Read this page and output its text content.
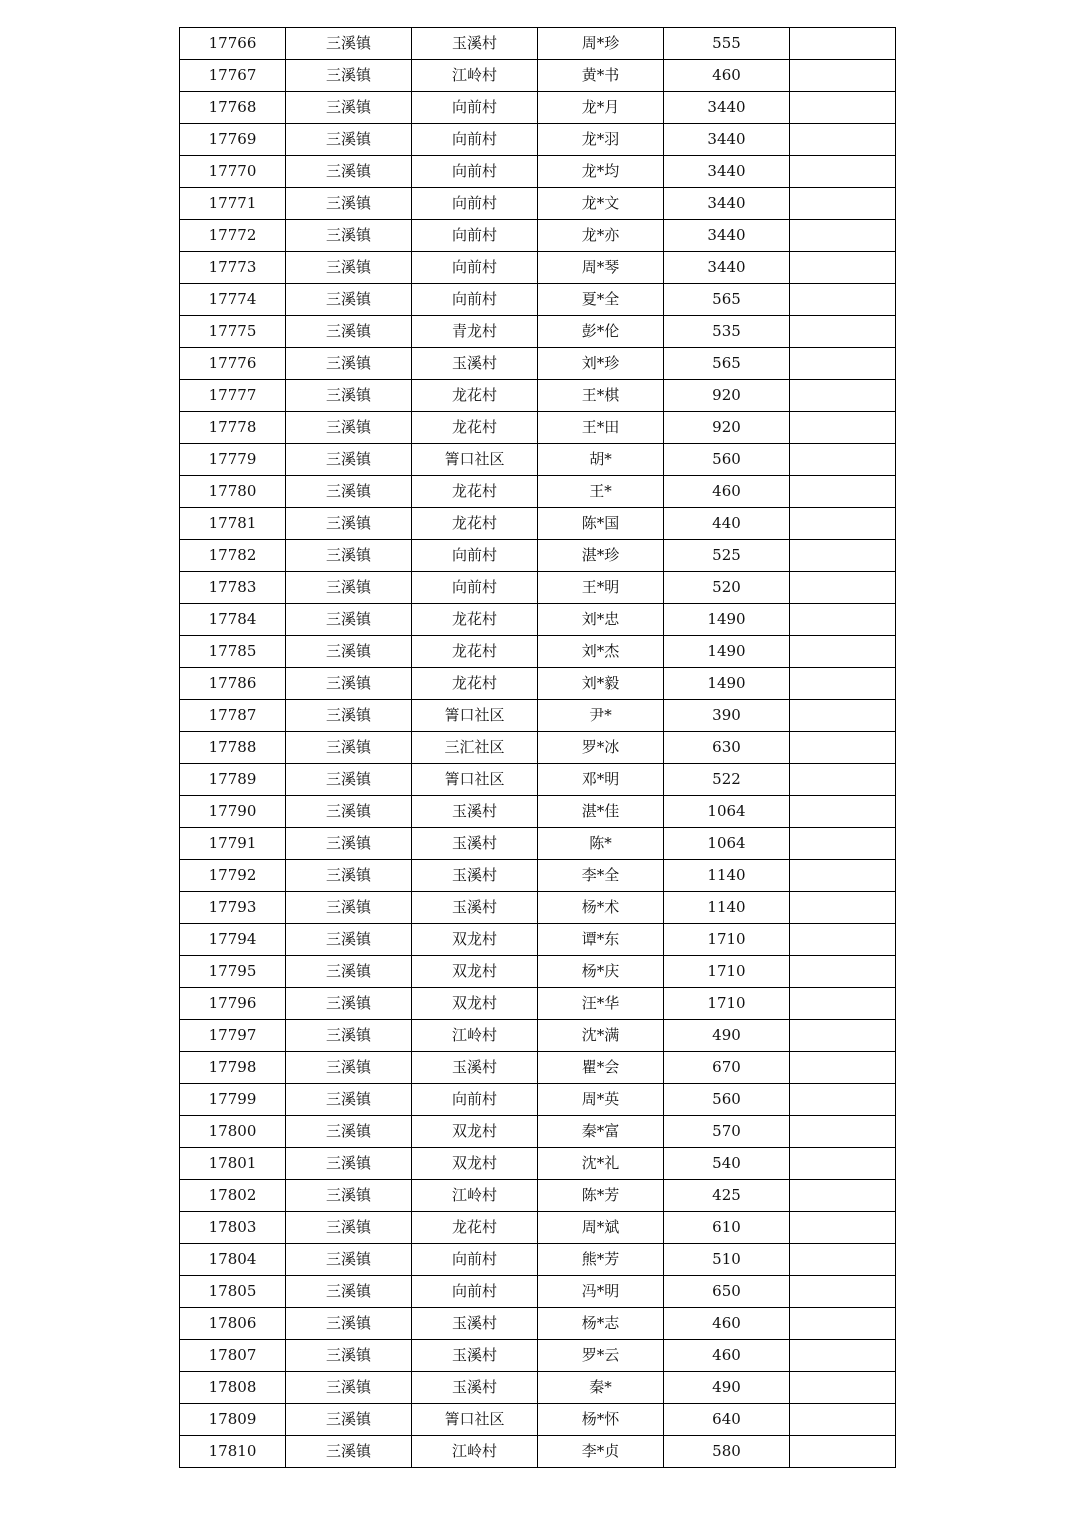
17766	三溪镇	玉溪村	周*珍	555	
17767	三溪镇	江岭村	黄*书	460	
17768	三溪镇	向前村	龙*月	3440	
17769	三溪镇	向前村	龙*羽	3440	
17770	三溪镇	向前村	龙*均	3440	
17771	三溪镇	向前村	龙*文	3440	
17772	三溪镇	向前村	龙*亦	3440	
17773	三溪镇	向前村	周*琴	3440	
17774	三溪镇	向前村	夏*全	565	
17775	三溪镇	青龙村	彭*伦	535	
17776	三溪镇	玉溪村	刘*珍	565	
17777	三溪镇	龙花村	王*棋	920	
17778	三溪镇	龙花村	王*田	920	
17779	三溪镇	箐口社区	胡*	560	
17780	三溪镇	龙花村	王*	460	
17781	三溪镇	龙花村	陈*国	440	
17782	三溪镇	向前村	湛*珍	525	
17783	三溪镇	向前村	王*明	520	
17784	三溪镇	龙花村	刘*忠	1490	
17785	三溪镇	龙花村	刘*杰	1490	
17786	三溪镇	龙花村	刘*毅	1490	
17787	三溪镇	箐口社区	尹*	390	
17788	三溪镇	三汇社区	罗*冰	630	
17789	三溪镇	箐口社区	邓*明	522	
17790	三溪镇	玉溪村	湛*佳	1064	
17791	三溪镇	玉溪村	陈*	1064	
17792	三溪镇	玉溪村	李*全	1140	
17793	三溪镇	玉溪村	杨*术	1140	
17794	三溪镇	双龙村	谭*东	1710	
17795	三溪镇	双龙村	杨*庆	1710	
17796	三溪镇	双龙村	汪*华	1710	
17797	三溪镇	江岭村	沈*满	490	
17798	三溪镇	玉溪村	瞿*会	670	
17799	三溪镇	向前村	周*英	560	
17800	三溪镇	双龙村	秦*富	570	
17801	三溪镇	双龙村	沈*礼	540	
17802	三溪镇	江岭村	陈*芳	425	
17803	三溪镇	龙花村	周*斌	610	
17804	三溪镇	向前村	熊*芳	510	
17805	三溪镇	向前村	冯*明	650	
17806	三溪镇	玉溪村	杨*志	460	
17807	三溪镇	玉溪村	罗*云	460	
17808	三溪镇	玉溪村	秦*	490	
17809	三溪镇	箐口社区	杨*怀	640	
17810	三溪镇	江岭村	李*贞	580	
